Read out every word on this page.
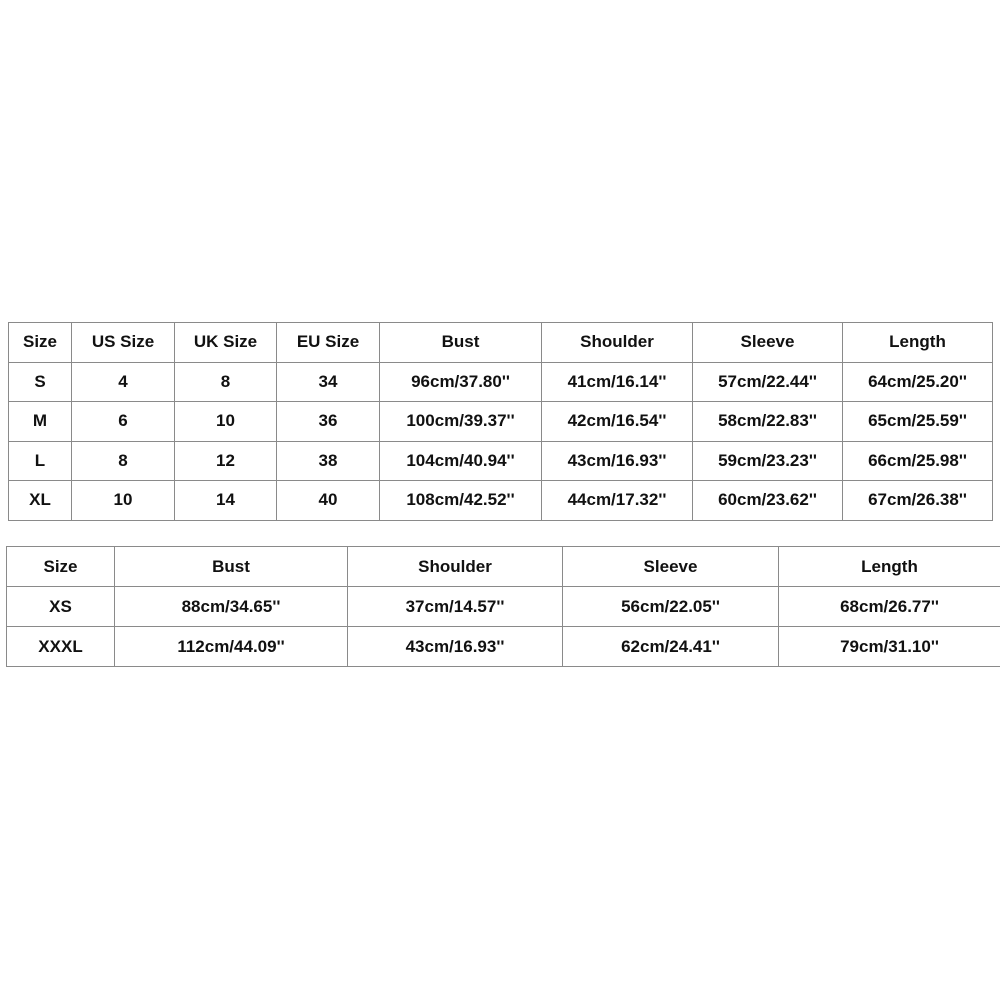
Size	US Size	UK Size	EU Size	Bust	Shoulder	Sleeve	Length
S	4	8	34	96cm/37.80''	41cm/16.14''	57cm/22.44''	64cm/25.20''
M	6	10	36	100cm/39.37''	42cm/16.54''	58cm/22.83''	65cm/25.59''
L	8	12	38	104cm/40.94''	43cm/16.93''	59cm/23.23''	66cm/25.98''
XL	10	14	40	108cm/42.52''	44cm/17.32''	60cm/23.62''	67cm/26.38''
Size	Bust	Shoulder	Sleeve	Length
XS	88cm/34.65''	37cm/14.57''	56cm/22.05''	68cm/26.77''
XXXL	112cm/44.09''	43cm/16.93''	62cm/24.41''	79cm/31.10''
